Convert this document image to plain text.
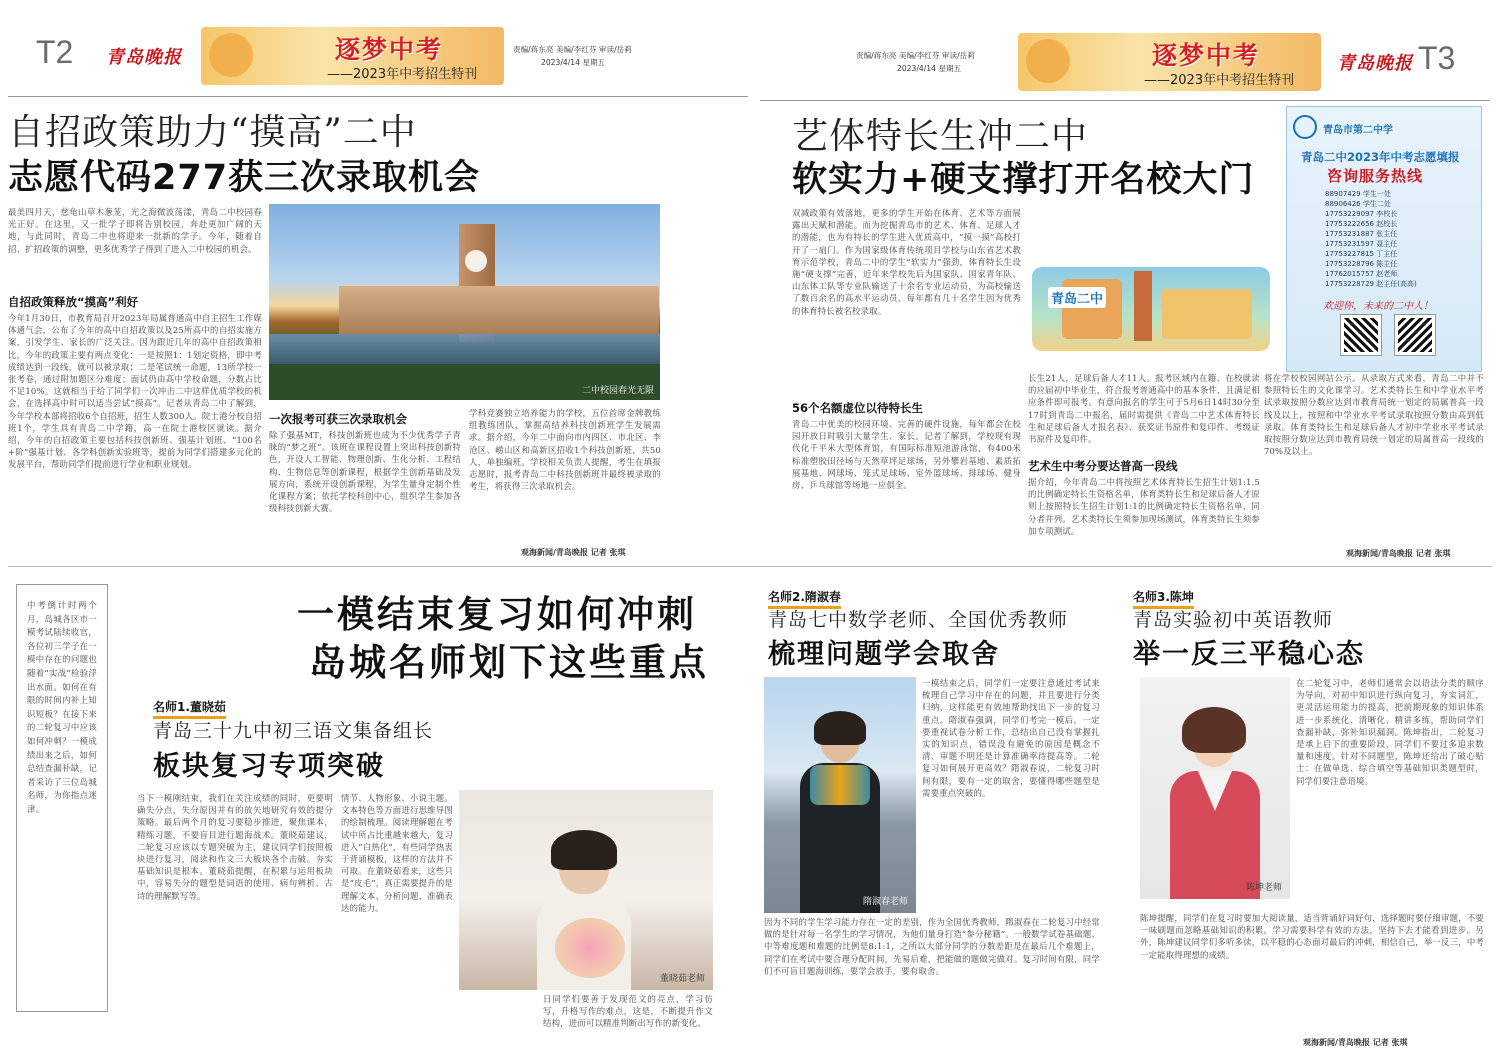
T2 青岛晚报	逐梦中考
——2023年中考招生特刊
责编/蒋东亮 美编/李红芬 审读/岳莉
2023/4/14 星期五
责编/蒋东亮 美编/李红芬 审读/岳莉
2023/4/14 星期五	逐梦中考
——2023年中考招生特刊
青岛晚报 T3
自招政策助力“摸高”二中
志愿代码277获三次录取机会
最美四月天，慈龟山草木葱茏，光之海微波荡漾，青岛二中校园春光正好。在这里，又一批学子即将告别校园，奔赴更加广阔的天地，与此同时，青岛二中也将迎来一批新的学子。今年，随着自招、扩招政策的调整，更多优秀学子得到了进入二中校园的机会。
自招政策释放“摸高”利好
今年1月30日，市教育局召开2023年局属普通高中自主招生工作媒体通气会，公布了今年的高中自招政策以及25所高中的自招实施方案，引发学生、家长的广泛关注。因为跟近几年的高中自招政策相比，今年的政策主要有两点变化：一是按照1：1划定资格，即中考成绩达到一段线，就可以被录取；二是笔试统一命题，13所学校一张考卷，通过附加题区分难度；面试仍由高中学校命题，分数占比不足10%。这就相当于给了同学们一次冲击二中这样优质学校的机会，在选择高中时可以适当尝试“摸高”。记者从青岛二中了解到，今年学校本部将招收6个自招班，招生人数300人。院士港分校自招班1个，学生具有青岛二中学籍，高一在院士港校区就读。据介绍，今年的自招政策主要包括科技创新班、强基计划班、“100名+阶”强基计划、各学科创新实验班等，提前为同学们搭建多元化的发展平台，帮助同学们提前进行学业和职业规划。
二中校园春光无限
一次报考可获三次录取机会
除了强基MT，科技创新班也成为不少优秀学子青睐的“梦之班”。该班在课程设置上突出科技创新特色，开设人工智能、物理创新、生化分析、工程结构、生物信息等创新课程，根据学生创新基础及发展方向，系统开设创新课程，为学生量身定制个性化课程方案；依托学校科创中心，组织学生参加各级科技创新大赛。
学科竞赛独立培养能力的学校，五位首席金牌教练组教练团队，掌握高结养科技创新班学生发展需求。据介绍，今年二中面向市内四区、市北区、李沧区、崂山区和高新区招收1个科技创新班，共50人，单独编班。学校相关负责人提醒，考生在填报志愿时，报考青岛二中科技创新班并最终被录取的考生，将获得三次录取机会。
观海新闻/青岛晚报 记者 张琪
艺体特长生冲二中
软实力+硬支撑打开名校大门
双减政策有效落地，更多的学生开始在体育、艺术等方面展露出天赋和潜能。而为挖掘青岛市的艺术、体育、足球人才的潜能，也为有特长的学生进入优质高中，“摸一摸”高校打开了一扇门。作为国家级体育传统项目学校与山东省艺术教育示范学校，青岛二中的学生“软实力”强劲，体育特长生设施“硬支撑”完善，近年来学校先后为国家队、国家青年队、山东体工队等专业队输送了十余名专业运动员，为高校输送了数百余名的高水平运动员，每年都有几十名学生因为优秀的体育特长被名校录取。
青岛二中
青岛市第二中学
青岛二中2023年中考志愿填报
咨询服务热线
88907429 学生一处
88906426 学生二处
17753229097 李校长
17753222656 赵校长
17753231887 张主任
17753231597 聂主任
17753227815 丁主任
17753228796 陈主任
17762015757 赵老师
17753228729 赵主任(高高)
欢迎你，未来的二中人！
56个名额虚位以待特长生
青岛二中优美的校园环境、完善的硬件设施，每年都会在校园开放日时吸引大量学生、家长。记者了解到，学校现有现代化千平米大型体育馆，有国际标准短池游泳馆，有400米标准塑胶田径场与天然草坪足球场，另外攀岩基地、素质拓展基地、网球场、笼式足球场、室外篮球场、排球场、健身房、乒乓球馆等场地一应俱全。
长生21人，足球后备人才11人。报考区域内在籍、在校就读的应届初中毕业生，符合报考普通高中的基本条件，且满足相应条件即可报考。有意向报名的学生可于5月6日14时30分至17时到青岛二中报名，届时需提供《青岛二中艺术体育特长生和足球后备人才报名表》、获奖证书原件和复印件、考级证书原件及复印件。
艺术生中考分要达普高一段线
据介绍，今年青岛二中将按照艺术体育特长生招生计划1:1.5的比例确定特长生资格名单，体育类特长生和足球后备人才原则上按照特长生招生计划1:1的比例确定特长生资格名单，同分者并列。艺术类特长生须参加现场测试，体育类特长生须参加专项测试。
将在学校校园网站公示。从录取方式来看，青岛二中并不参照特长生的文化课学习。艺术类特长生和中学业水平考试录取按照分数应达到市教育局统一划定的局属普高一段线及以上，按照和中学业水平考试录取按照分数由高到低录取。体育类特长生和足球后备人才初中学业水平考试录取按照分数应达到市教育局统一划定的局属普高一段线的70%及以上。
观海新闻/青岛晚报 记者 张琪
中考倒计时两个月，岛城各区市一模考试陆续收官，各位初三学子在一模中存在的问题也随着“实战”检验浮出水面。如何在有限的时间内补上知识短板？在接下来的二轮复习中应该如何冲刺？一模成绩出来之后，如何总结查漏补缺，记者采访了三位岛城名师，为你指点迷津。
一模结束复习如何冲刺
岛城名师划下这些重点
名师1.董晓茹
青岛三十九中初三语文集备组长
板块复习专项突破
当下一模刚结束，我们在关注成绩的同时，更要明确失分点，失分原因并有的放矢地研究有效的提分策略。最后两个月的复习要稳步推进，聚焦课本，精练习题，不要盲目进行题海战术。董晓茹建议，二轮复习应该以专题突破为主，建议同学们按照板块进行复习，阅读和作文三大板块各个击破。夯实基础知识是根本。董晓茹提醒，在积累与运用板块中，容易失分的题型是词语的使用、病句辨析、古诗的理解默写等。
情节、人物形象、小说主题。文本特色等方面进行思维导图的绘制梳理。阅读理解题在考试中所占比重越来越大，复习进入“白热化”，有些同学热衷于背诵模板，这样的方法并不可取。在董晓茹看来，这些只是“皮毛”，真正需要提升的是理解文本、分析问题、准确表达的能力。
董晓茹老师
日同学们要善于发现范文的亮点，学习仿写，升格写作的难点，这是，不断提升作文结构，进而可以精准判断出写作的新变化。
名师2.隋淑春
青岛七中数学老师、全国优秀教师
梳理问题学会取舍
隋淑春老师
一模结束之后，同学们一定要注意通过考试来梳理自己学习中存在的问题，并且要进行分类归纳，这样能更有效地帮助找出下一步的复习重点。隋淑春强调，同学们考完一模后，一定要重视试卷分析工作，总结出自己没有掌握扎实的知识点，错误没有避免的原因是概念不清、审题不明还是计算准确率待提高等。二轮复习如何展开更高效？隋淑春说，二轮复习时间有限，要有一定的取舍，要懂得哪些题型是需要重点突破的。
因为不同的学生学习能力存在一定的差别，作为全国优秀教师，隋淑春在二轮复习中经常做的是针对每一名学生的学习情况，为他们量身打造“参分秘籍”。一般数学试卷基础题、中等难度题和难题的比例是8:1:1，之所以大部分同学的分数差距是在最后几个难题上，同学们在考试中要合理分配时间，先易后难，把能做的题做完做对。复习时间有限，同学们不可盲目题海训练，要学会放手，要有取舍。
名师3.陈坤
青岛实验初中英语教师
举一反三平稳心态
陈坤老师
在二轮复习中，老师们通常会以语法分类的顺序为导向，对初中知识进行纵向复习，夯实词汇，更灵活运用能力的提高，把前期现象的知识体系进一步系统化、清晰化、精讲多练，帮助同学们查漏补缺，弥补知识漏洞。陈坤指出，二轮复习是承上启下的重要阶段，同学们不要过多追求数量和速度。针对不同题型，陈坤还给出了破心贴士：在做单选、综合填空等基础知识类题型时，同学们要注意语境。
陈坤提醒，同学们在复习时要加大阅读量，适当背诵好词好句，选择题时要仔细审题，不要一味刷题而忽略基础知识的积累。学习需要科学有效的方法，坚持下去才能看到进步。另外，陈坤建议同学们多听多读，以平稳的心态面对最后的冲刺，相信自己，举一反三，中考一定能取得理想的成绩。
观海新闻/青岛晚报 记者 张琪
